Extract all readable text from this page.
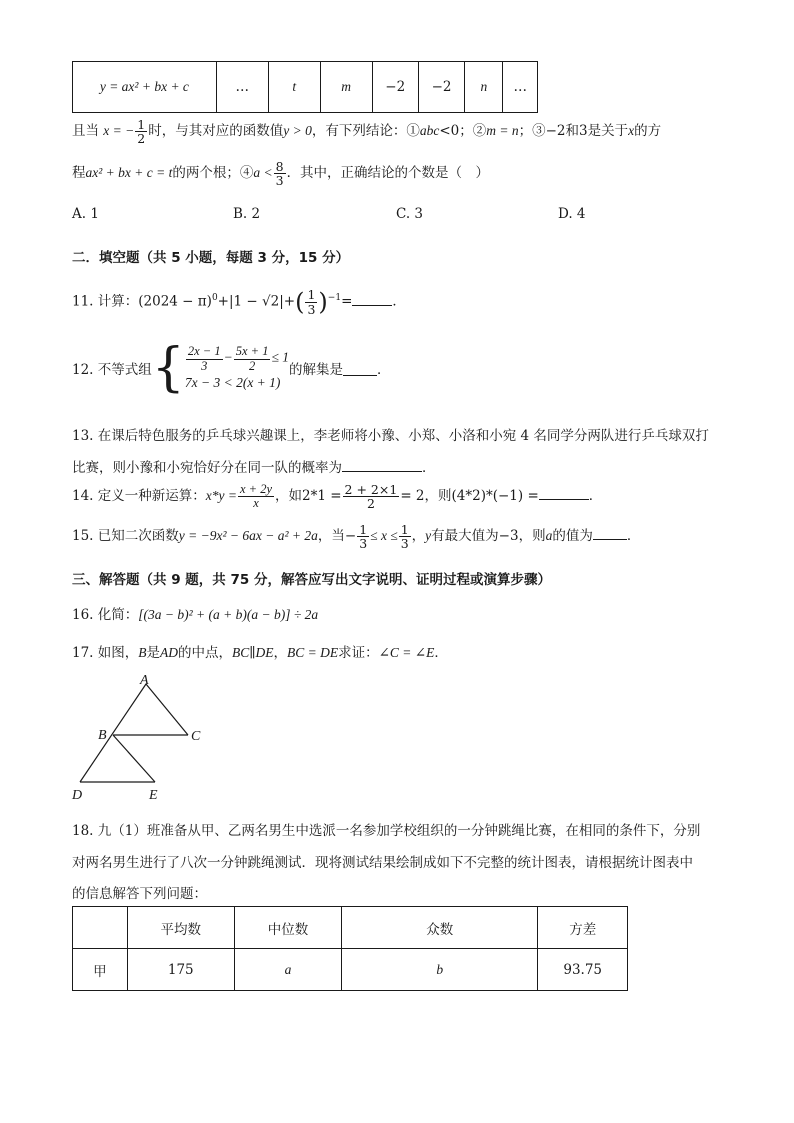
y = ax² + bx + c	…	t	m	−2	−2	n	…
且当 x = − $\frac{1}{2}$ 时，与其对应的函数值y > 0，有下列结论：①abc<0；②m = n；③−2和3是关于x的方
程ax² + bx + c = t的两个根；④a < $\frac{8}{3}$ ．其中，正确结论的个数是（　）
A. 1	B. 2	C. 3	D. 4
二．填空题（共 5 小题，每题 3 分，15 分）
11. 计算：$(2024 - \pi)^0+|1 - √2|+( \frac{1}{3} )^{-1}=$	．
12. 不等式组 { $\frac{2x - 1}{3} - \frac{5x + 1}{2} \le 1$
7x − 3 < 2(x + 1)
的解集是	．
13. 在课后特色服务的乒乓球兴趣课上，李老师将小豫、小郑、小洛和小宛 4 名同学分两队进行乒乓球双打
比赛，则小豫和小宛恰好分在同一队的概率为	．
14. 定义一种新运算：$x*y = \frac{x + 2y}{x}$ ，如$2*1 = \frac{2 + 2\times 1}{2} = 2$，则(4*2)*(−1) =	．
15. 已知二次函数y = −9x² − 6ax − a² + 2a，当− $\frac{1}{3} \le x \le \frac{1}{3}$ ，y有最大值为−3，则a的值为	．
三、解答题（共 9 题，共 75 分，解答应写出文字说明、证明过程或演算步骤）
16. 化简：[(3a − b)² + (a + b)(a − b)] ÷ 2a
17. 如图，B是AD的中点，BC∥DE，BC = DE求证：∠C = ∠E．
A
B	C
D	E
18. 九（1）班准备从甲、乙两名男生中选派一名参加学校组织的一分钟跳绳比赛，在相同的条件下，分别
对两名男生进行了八次一分钟跳绳测试．现将测试结果绘制成如下不完整的统计图表，请根据统计图表中
的信息解答下列问题：
	平均数	中位数	众数	方差
甲	175	a	b	93.75
